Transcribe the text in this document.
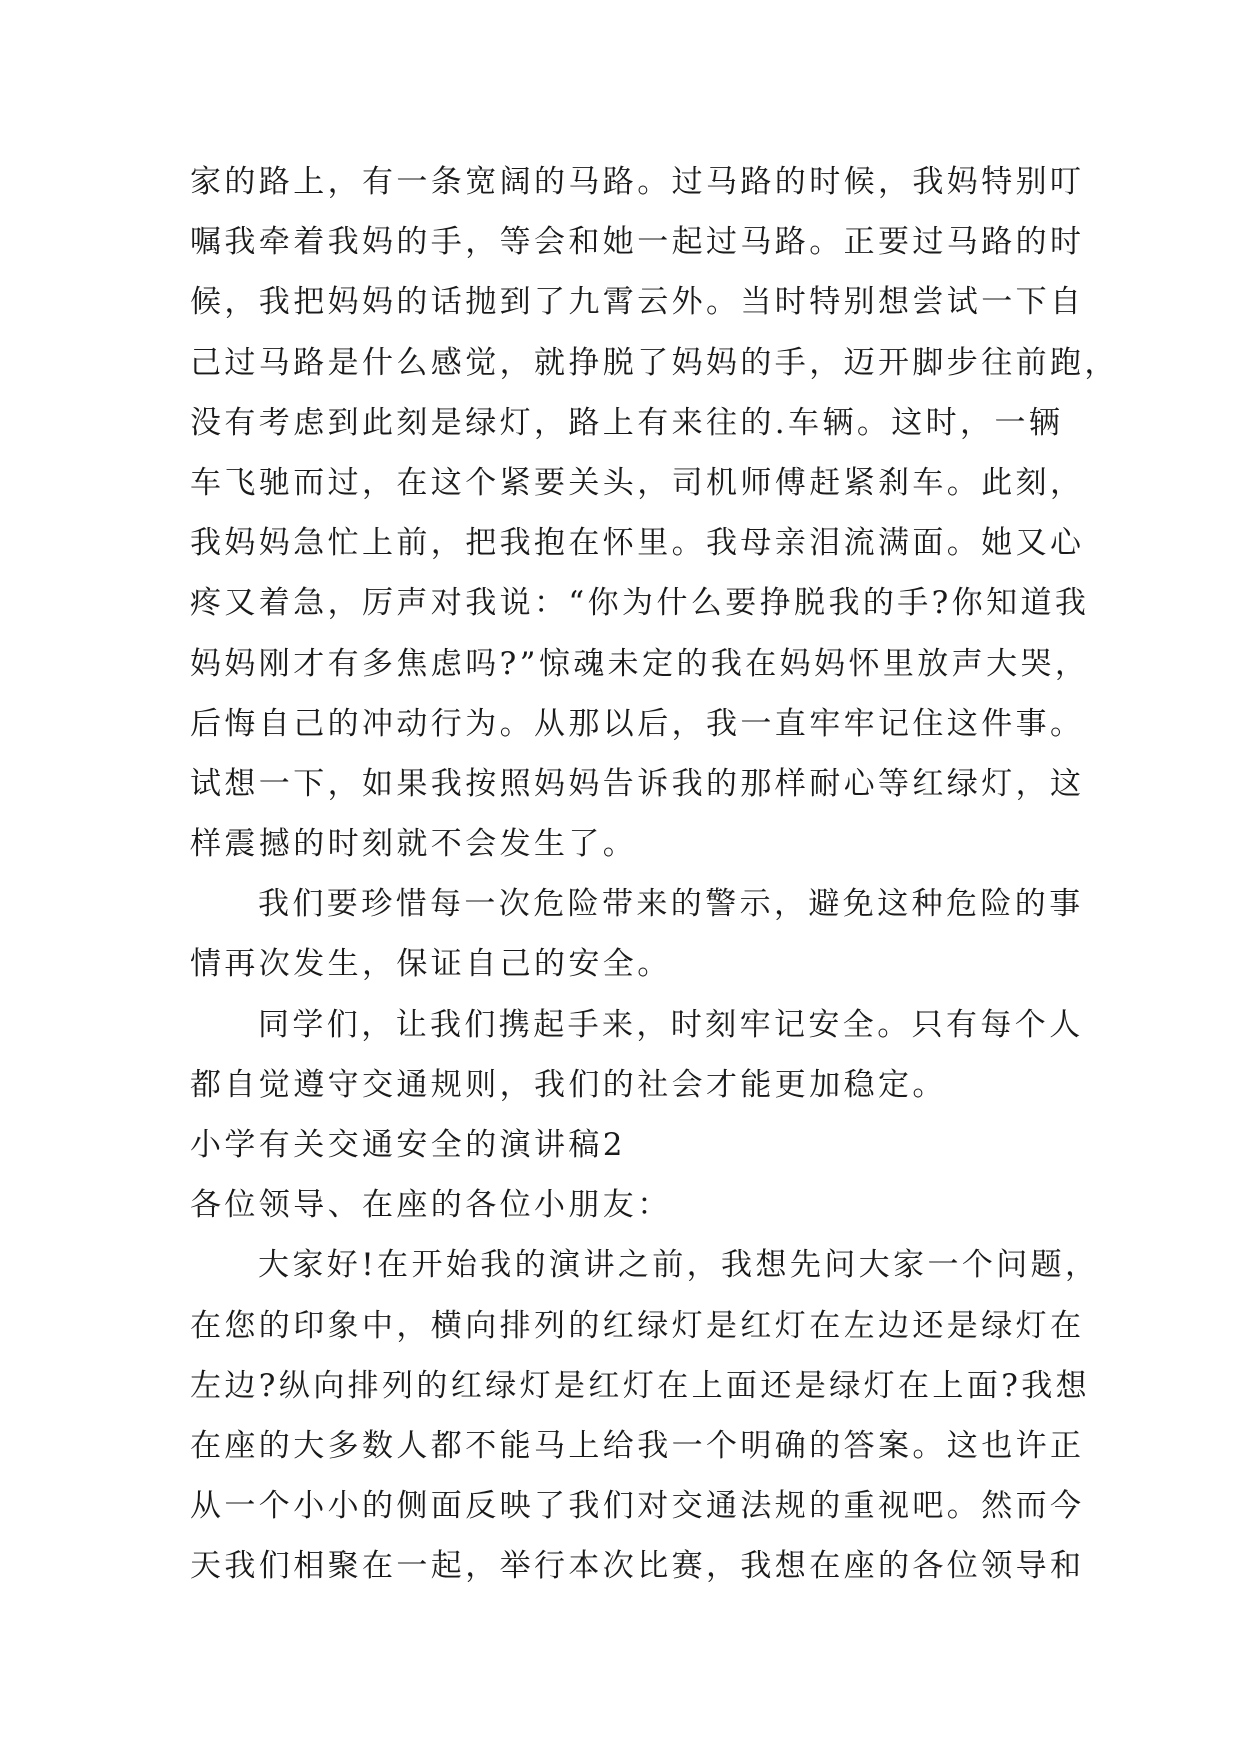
家的路上，有一条宽阔的马路。过马路的时候，我妈特别叮
嘱我牵着我妈的手，等会和她一起过马路。正要过马路的时
候，我把妈妈的话抛到了九霄云外。当时特别想尝试一下自
己过马路是什么感觉，就挣脱了妈妈的手，迈开脚步往前跑，
没有考虑到此刻是绿灯，路上有来往的.车辆。这时，一辆
车飞驰而过，在这个紧要关头，司机师傅赶紧刹车。此刻，
我妈妈急忙上前，把我抱在怀里。我母亲泪流满面。她又心
疼又着急，厉声对我说：“你为什么要挣脱我的手?你知道我
妈妈刚才有多焦虑吗?”惊魂未定的我在妈妈怀里放声大哭，
后悔自己的冲动行为。从那以后，我一直牢牢记住这件事。
试想一下，如果我按照妈妈告诉我的那样耐心等红绿灯，这
样震撼的时刻就不会发生了。
我们要珍惜每一次危险带来的警示，避免这种危险的事
情再次发生，保证自己的安全。
同学们，让我们携起手来，时刻牢记安全。只有每个人
都自觉遵守交通规则，我们的社会才能更加稳定。
小学有关交通安全的演讲稿2
各位领导、在座的各位小朋友：
大家好!在开始我的演讲之前，我想先问大家一个问题，
在您的印象中，横向排列的红绿灯是红灯在左边还是绿灯在
左边?纵向排列的红绿灯是红灯在上面还是绿灯在上面?我想
在座的大多数人都不能马上给我一个明确的答案。这也许正
从一个小小的侧面反映了我们对交通法规的重视吧。然而今
天我们相聚在一起，举行本次比赛，我想在座的各位领导和
